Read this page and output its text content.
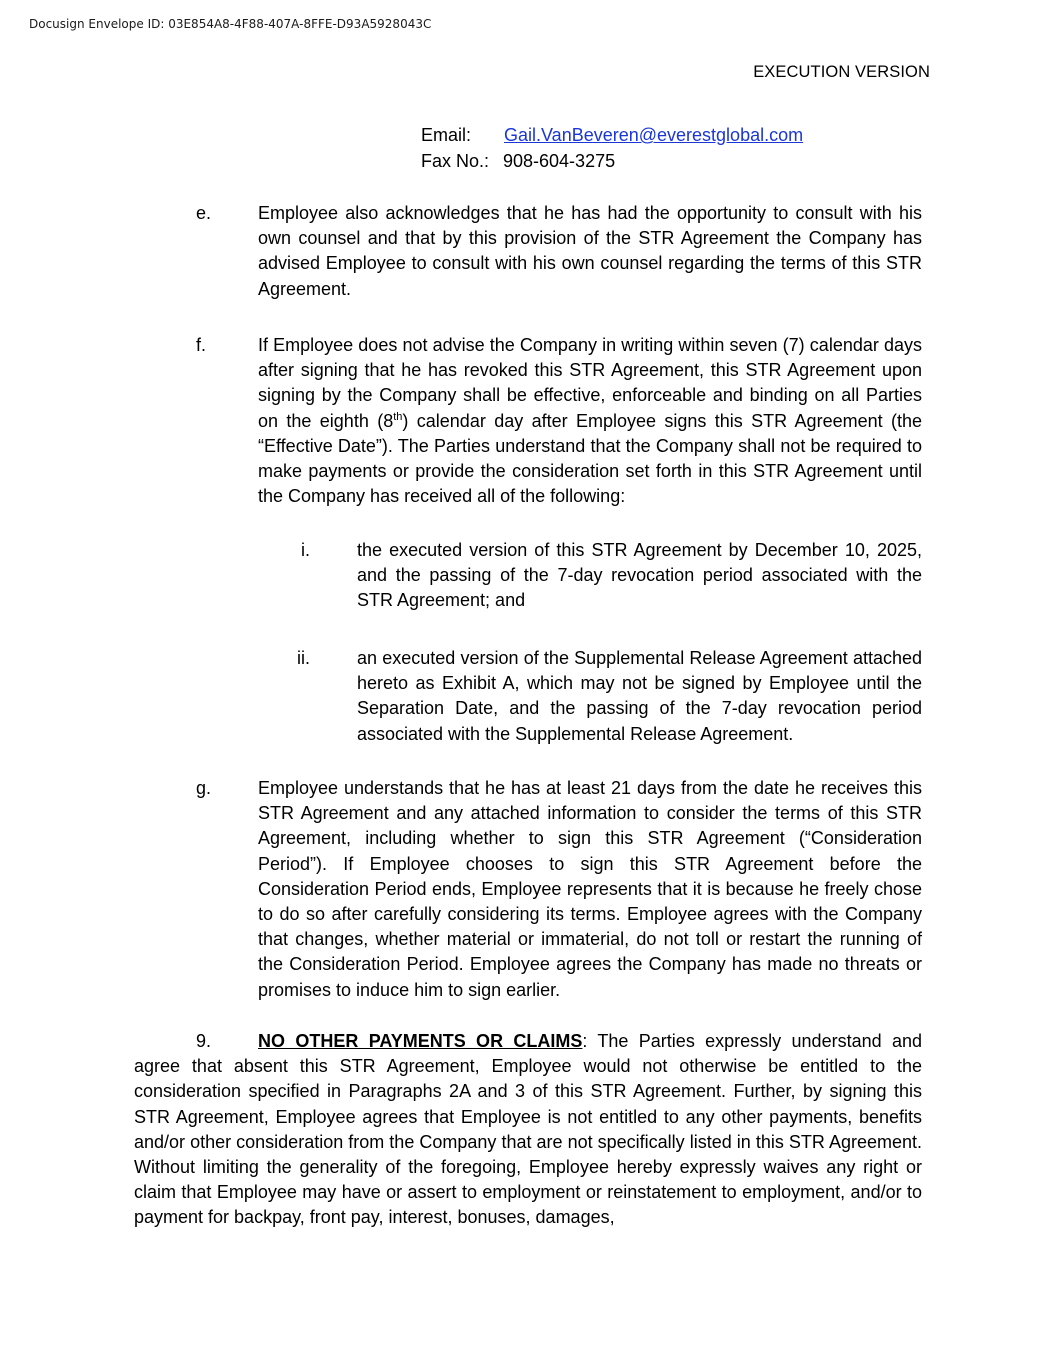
Docusign Envelope ID: 03E854A8-4F88-407A-8FFE-D93A5928043C
EXECUTION VERSION
Email: Gail.VanBeveren@everestglobal.com
Fax No.: 908-604-3275
e.	Employee also acknowledges that he has had the opportunity to consult with his own counsel and that by this provision of the STR Agreement the Company has advised Employee to consult with his own counsel regarding the terms of this STR Agreement.
f.	If Employee does not advise the Company in writing within seven (7) calendar days after signing that he has revoked this STR Agreement, this STR Agreement upon signing by the Company shall be effective, enforceable and binding on all Parties on the eighth (8th) calendar day after Employee signs this STR Agreement (the “Effective Date”). The Parties understand that the Company shall not be required to make payments or provide the consideration set forth in this STR Agreement until the Company has received all of the following:
i.	the executed version of this STR Agreement by December 10, 2025, and the passing of the 7-day revocation period associated with the STR Agreement; and
ii.	an executed version of the Supplemental Release Agreement attached hereto as Exhibit A, which may not be signed by Employee until the Separation Date, and the passing of the 7-day revocation period associated with the Supplemental Release Agreement.
g.	Employee understands that he has at least 21 days from the date he receives this STR Agreement and any attached information to consider the terms of this STR Agreement, including whether to sign this STR Agreement (“Consideration Period”). If Employee chooses to sign this STR Agreement before the Consideration Period ends, Employee represents that it is because he freely chose to do so after carefully considering its terms. Employee agrees with the Company that changes, whether material or immaterial, do not toll or restart the running of the Consideration Period. Employee agrees the Company has made no threats or promises to induce him to sign earlier.
9.	NO OTHER PAYMENTS OR CLAIMS: The Parties expressly understand and agree that absent this STR Agreement, Employee would not otherwise be entitled to the consideration specified in Paragraphs 2A and 3 of this STR Agreement. Further, by signing this STR Agreement, Employee agrees that Employee is not entitled to any other payments, benefits and/or other consideration from the Company that are not specifically listed in this STR Agreement. Without limiting the generality of the foregoing, Employee hereby expressly waives any right or claim that Employee may have or assert to employment or reinstatement to employment, and/or to payment for backpay, front pay, interest, bonuses, damages,
